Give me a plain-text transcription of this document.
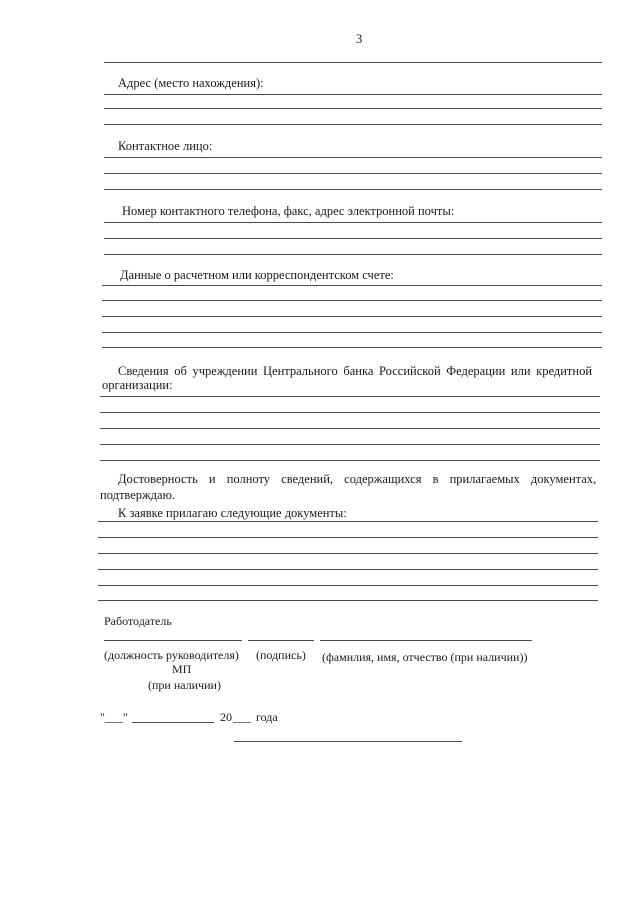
3
Адрес (место нахождения):
Контактное лицо:
Номер контактного телефона, факс, адрес электронной почты:
Данные о расчетном или корреспондентском счете:
Сведения об учреждении Центрального банка Российской Федерации или кредитной
организации:
Достоверность и полноту сведений, содержащихся в прилагаемых документах,
подтверждаю.
К заявке прилагаю следующие документы:
Работодатель
(должность руководителя) (подпись) (фамилия, имя, отчество (при наличии))
МП
(при наличии)
"___"	20 ___ года
